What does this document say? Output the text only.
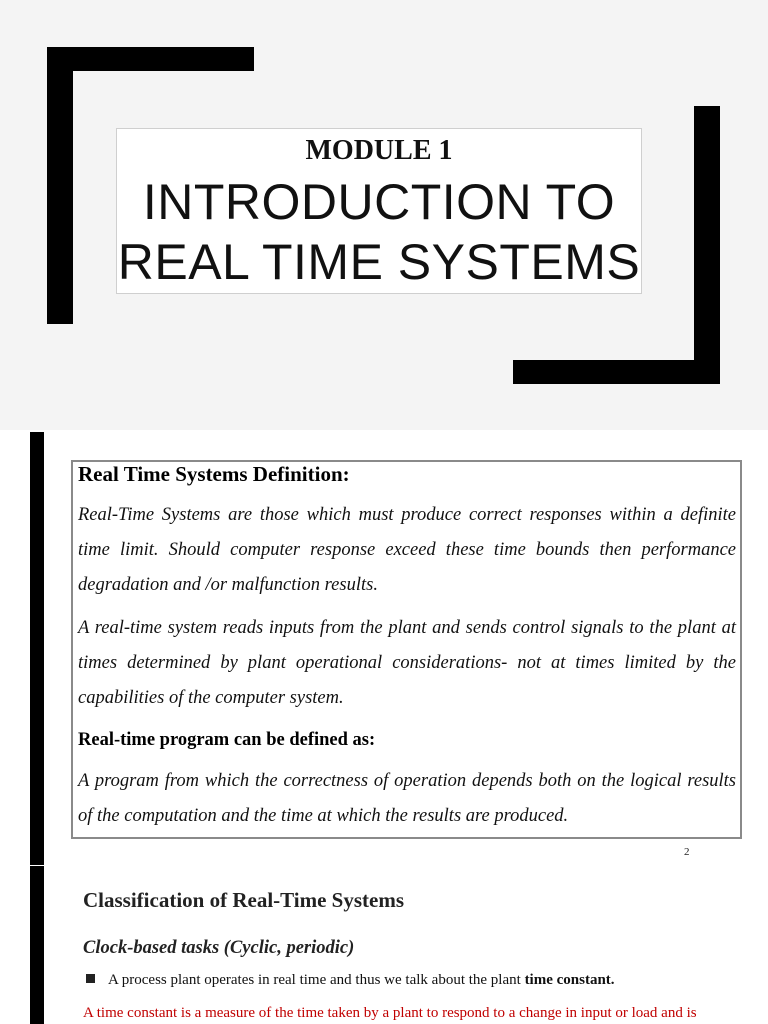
MODULE 1
INTRODUCTION TO
REAL TIME SYSTEMS
Real Time Systems Definition:
Real-Time Systems are those which must produce correct responses within a definite time limit. Should computer response exceed these time bounds then performance degradation and /or malfunction results.
A real-time system reads inputs from the plant and sends control signals to the plant at times determined by plant operational considerations- not at times limited by the capabilities of the computer system.
Real-time program can be defined as:
A program from which the correctness of operation depends both on the logical results of the computation and the time at which the results are produced.
2
Classification of Real-Time Systems
Clock-based tasks (Cyclic, periodic)
A process plant operates in real time and thus we talk about the plant time constant.
A time constant is a measure of the time taken by a plant to respond to a change in input or load and is
